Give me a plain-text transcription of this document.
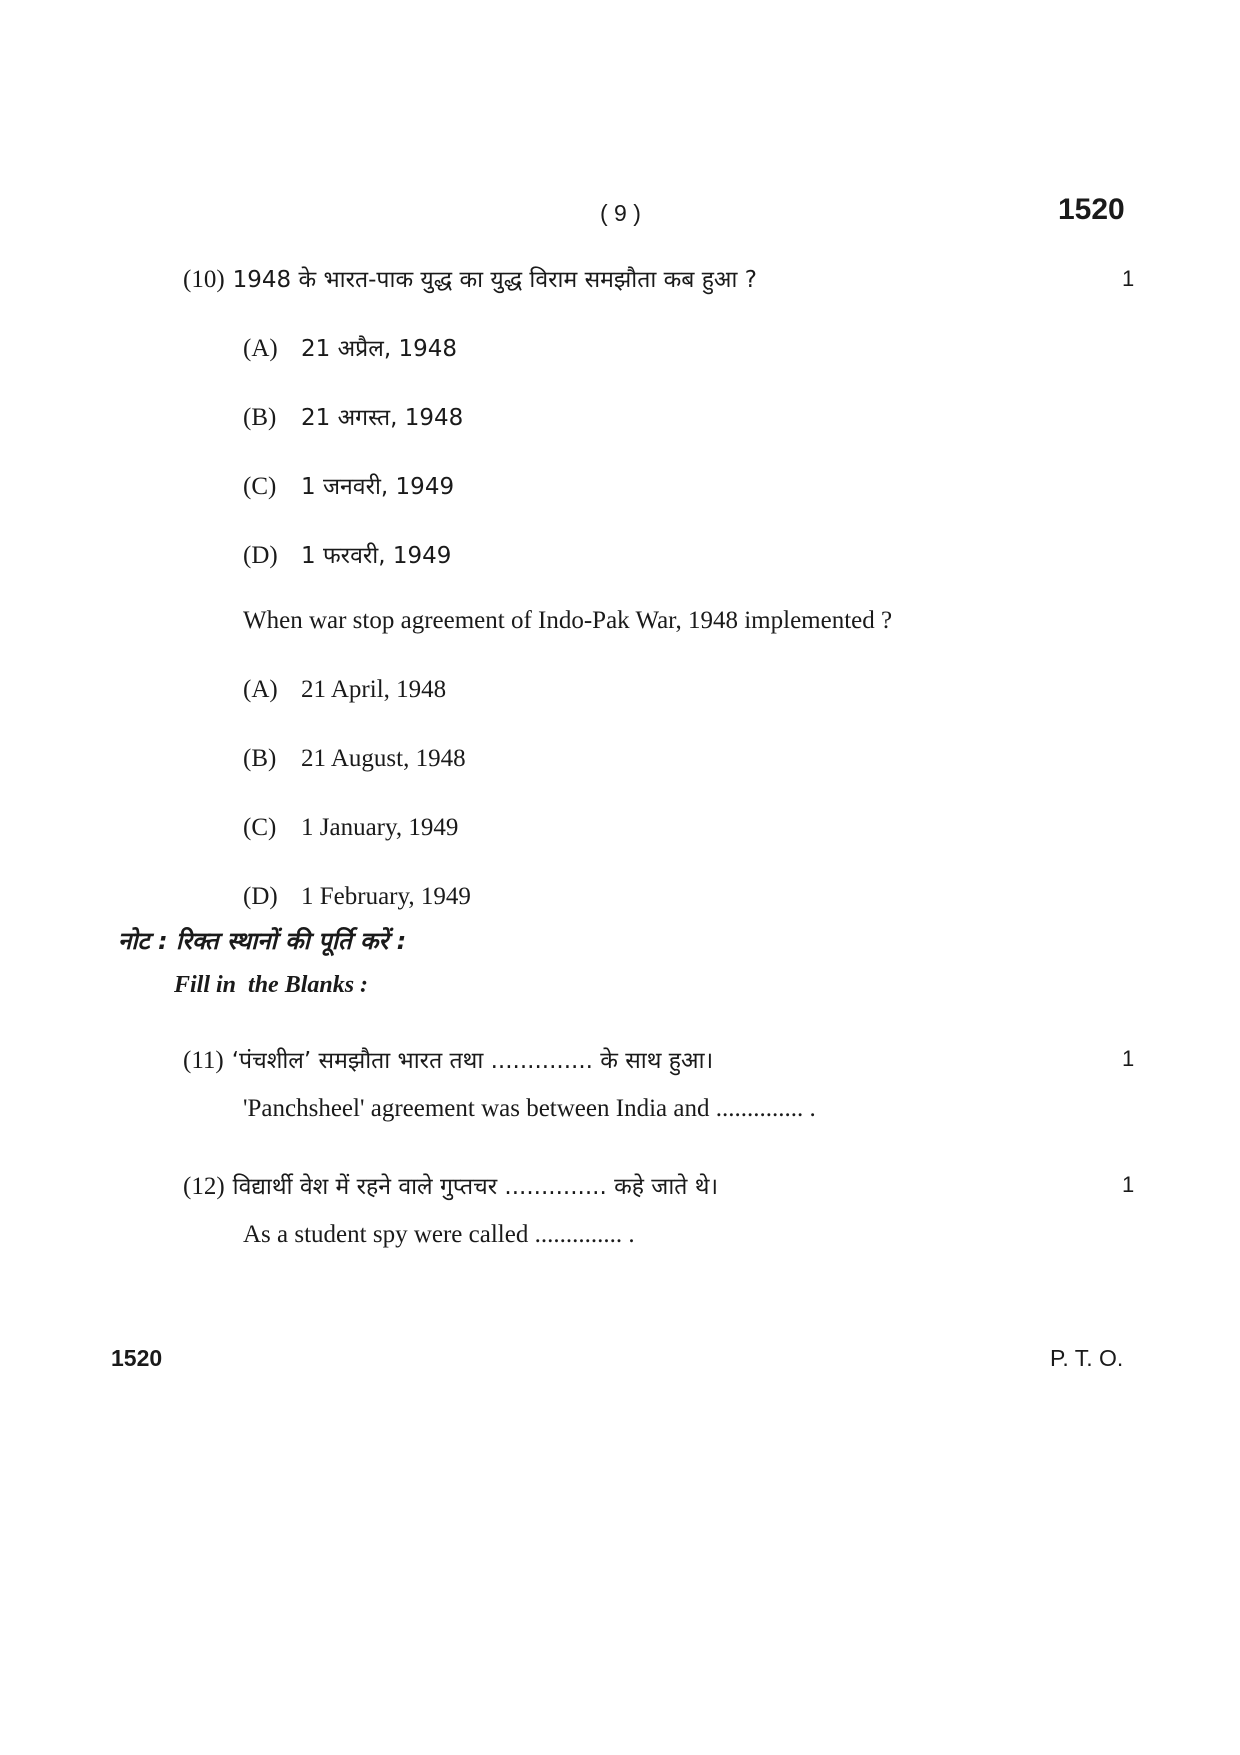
( 9 )	1520
(10) 1948 के भारत-पाक युद्ध का युद्ध विराम समझौता कब हुआ ?	1
(A) 21 अप्रैल, 1948
(B) 21 अगस्त, 1948
(C) 1 जनवरी, 1949
(D) 1 फरवरी, 1949
When war stop agreement of Indo-Pak War, 1948 implemented ?
(A) 21 April, 1948
(B) 21 August, 1948
(C) 1 January, 1949
(D) 1 February, 1949
नोट : रिक्त स्थानों की पूर्ति करें :
Fill in  the Blanks :
(11) ‘पंचशील’ समझौता भारत तथा .............. के साथ हुआ।	1
'Panchsheel' agreement was between India and .............. .
(12) विद्यार्थी वेश में रहने वाले गुप्तचर .............. कहे जाते थे।	1
As a student spy were called .............. .
1520	P. T. O.
